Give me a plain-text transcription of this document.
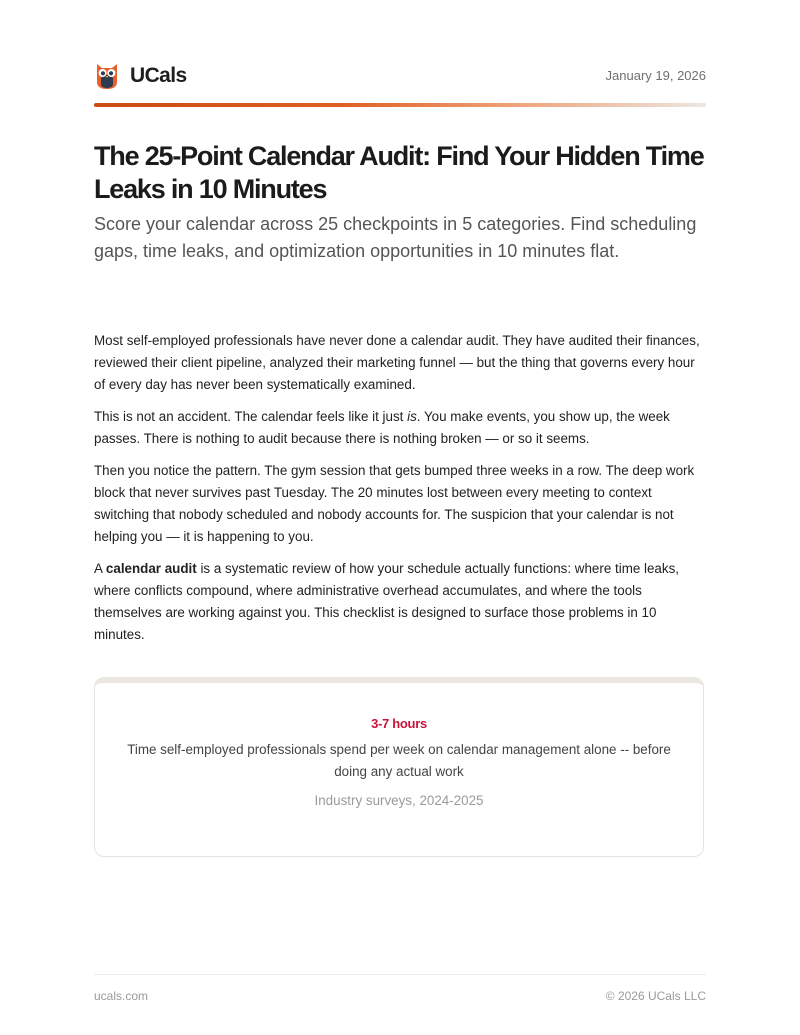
UCals	January 19, 2026
The 25-Point Calendar Audit: Find Your Hidden Time Leaks in 10 Minutes

Score your calendar across 25 checkpoints in 5 categories. Find scheduling gaps, time leaks, and optimization opportunities in 10 minutes flat.

Most self-employed professionals have never done a calendar audit. They have audited their finances, reviewed their client pipeline, analyzed their marketing funnel — but the thing that governs every hour of every day has never been systematically examined.

This is not an accident. The calendar feels like it just is. You make events, you show up, the week passes. There is nothing to audit because there is nothing broken — or so it seems.

Then you notice the pattern. The gym session that gets bumped three weeks in a row. The deep work block that never survives past Tuesday. The 20 minutes lost between every meeting to context switching that nobody scheduled and nobody accounts for. The suspicion that your calendar is not helping you — it is happening to you.

A calendar audit is a systematic review of how your schedule actually functions: where time leaks, where conflicts compound, where administrative overhead accumulates, and where the tools themselves are working against you. This checklist is designed to surface those problems in 10 minutes.

3-7 hours
Time self-employed professionals spend per week on calendar management alone -- before doing any actual work
Industry surveys, 2024-2025
ucals.com	© 2026 UCals LLC
